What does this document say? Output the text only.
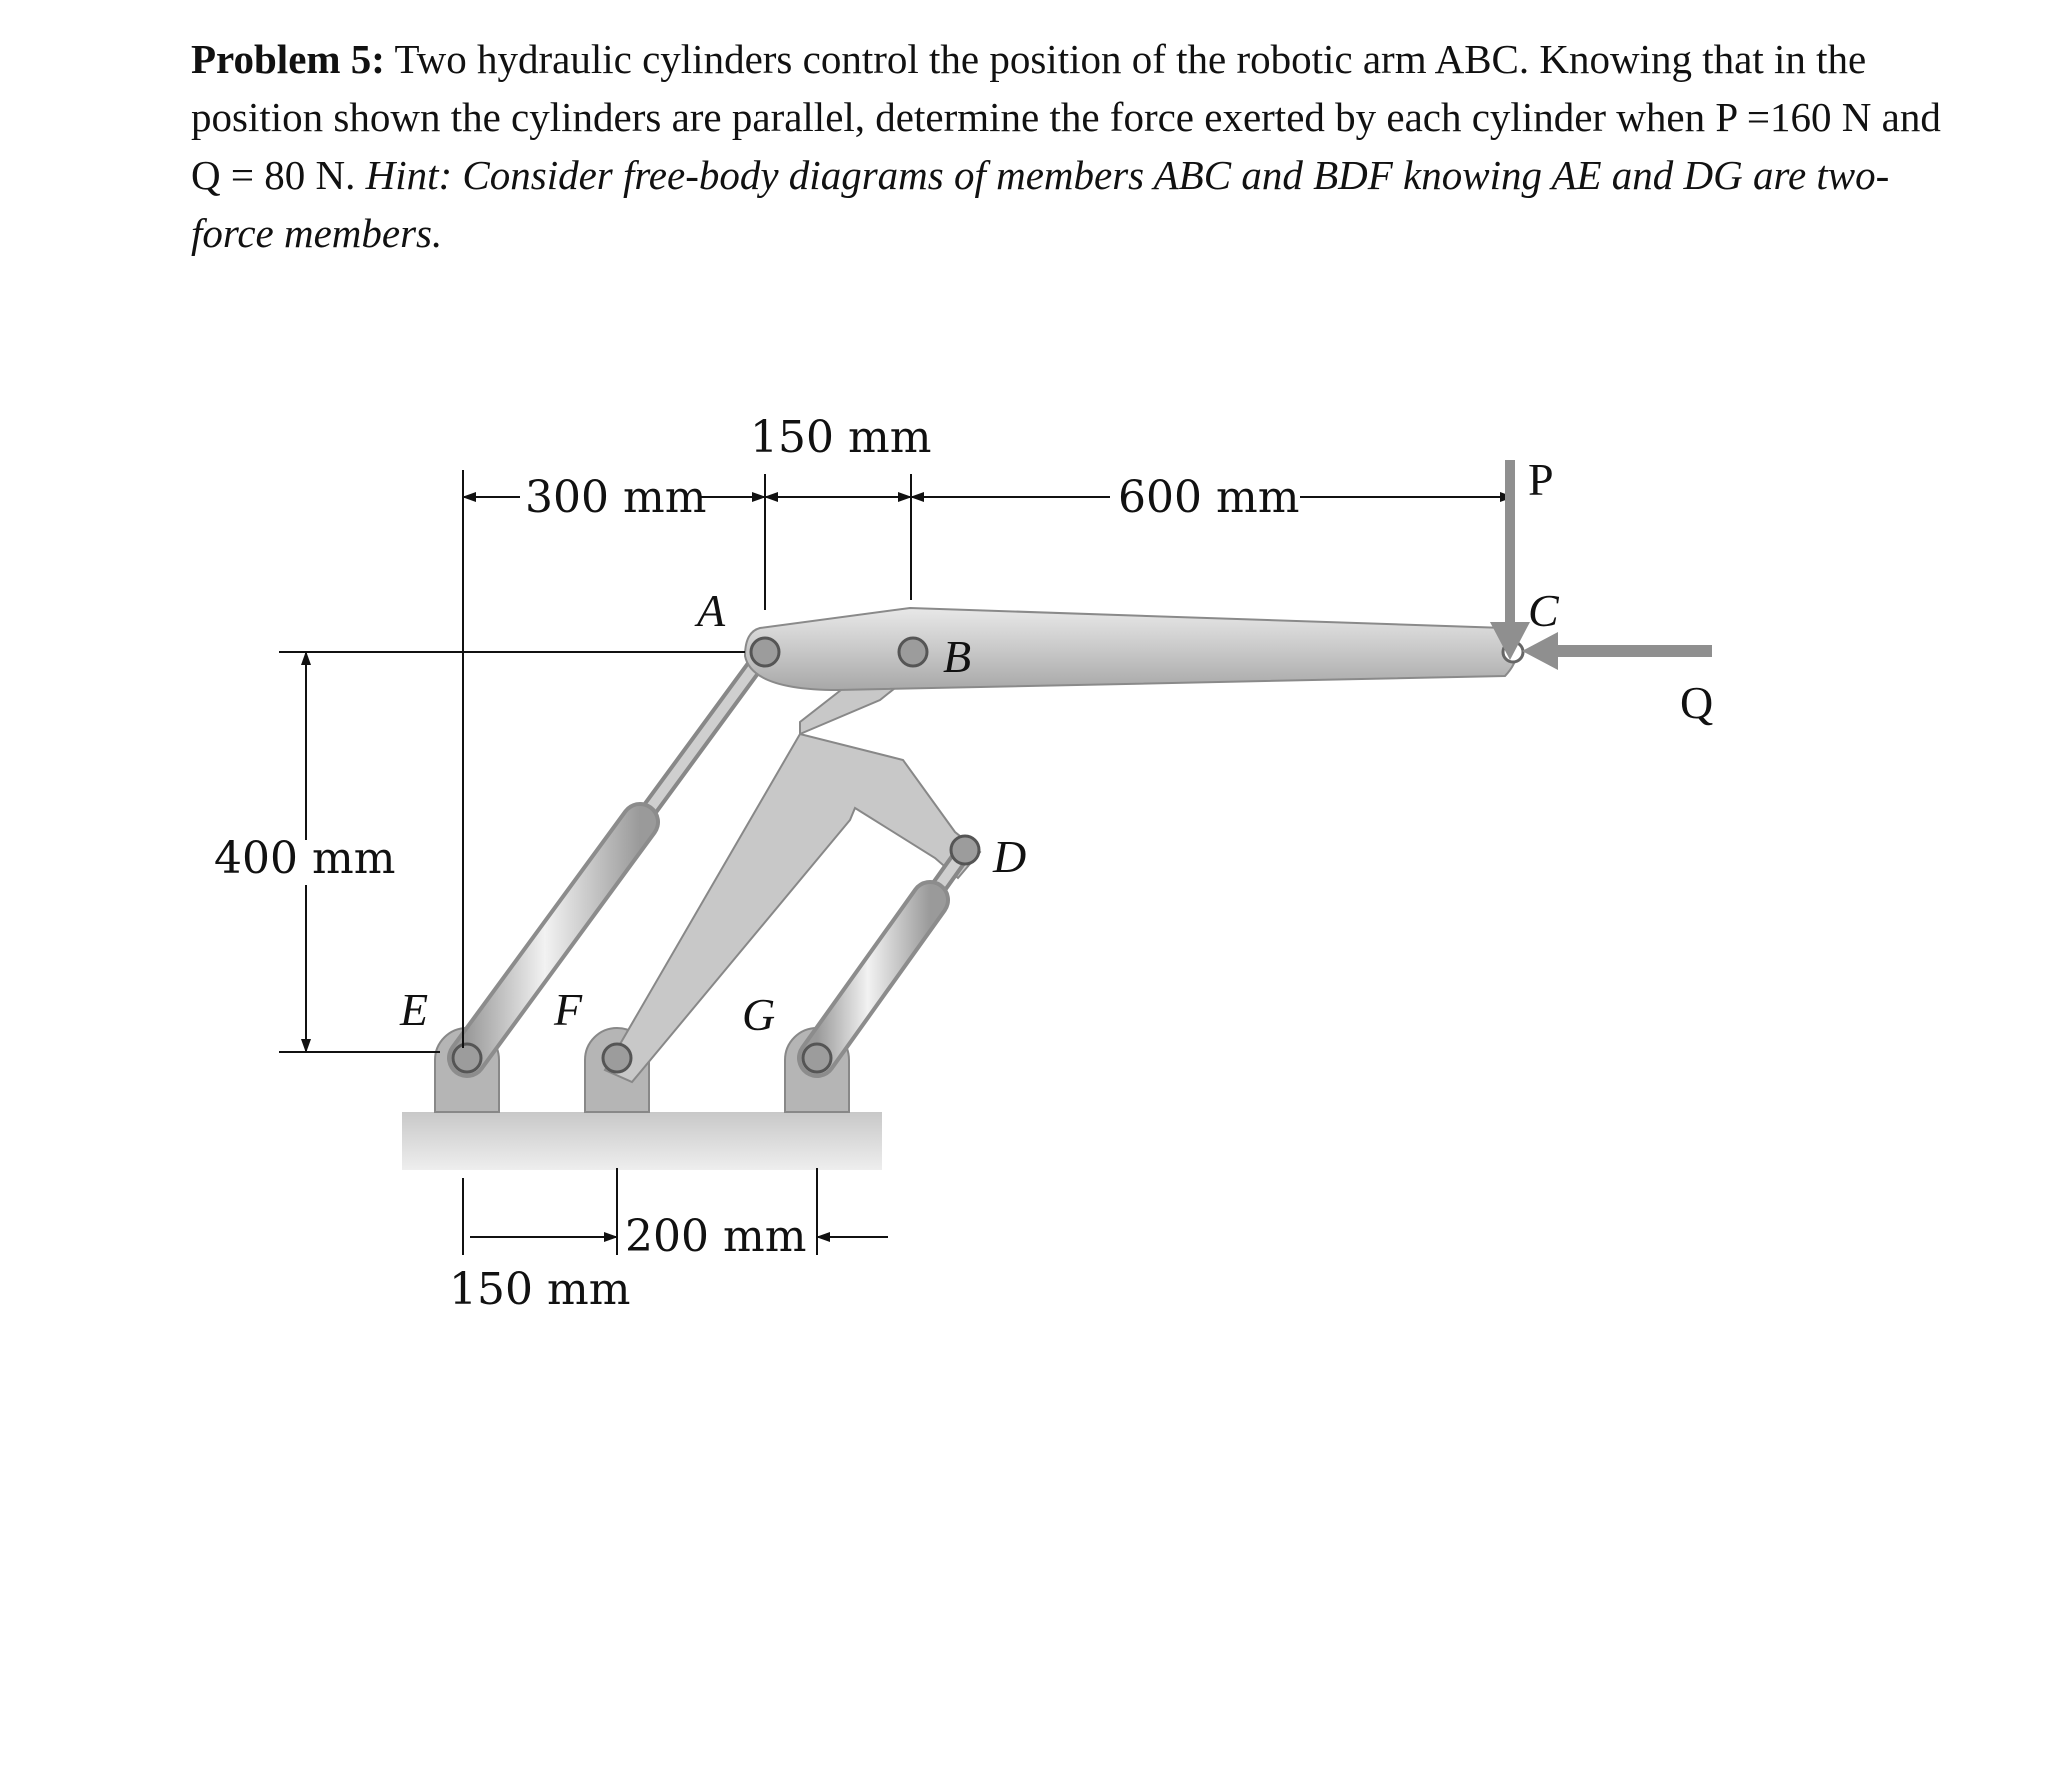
Problem 5: Two hydraulic cylinders control the position of the robotic arm ABC. Knowing that in the position shown the cylinders are parallel, determine the force exerted by each cylinder when P =160 N and Q = 80 N. Hint: Consider free-body diagrams of members ABC and BDF knowing AE and DG are two-force members.
300 mm
150 mm
600 mm
400 mm
150 mm
200 mm
A
B
C
D
E	F	G
P
Q
